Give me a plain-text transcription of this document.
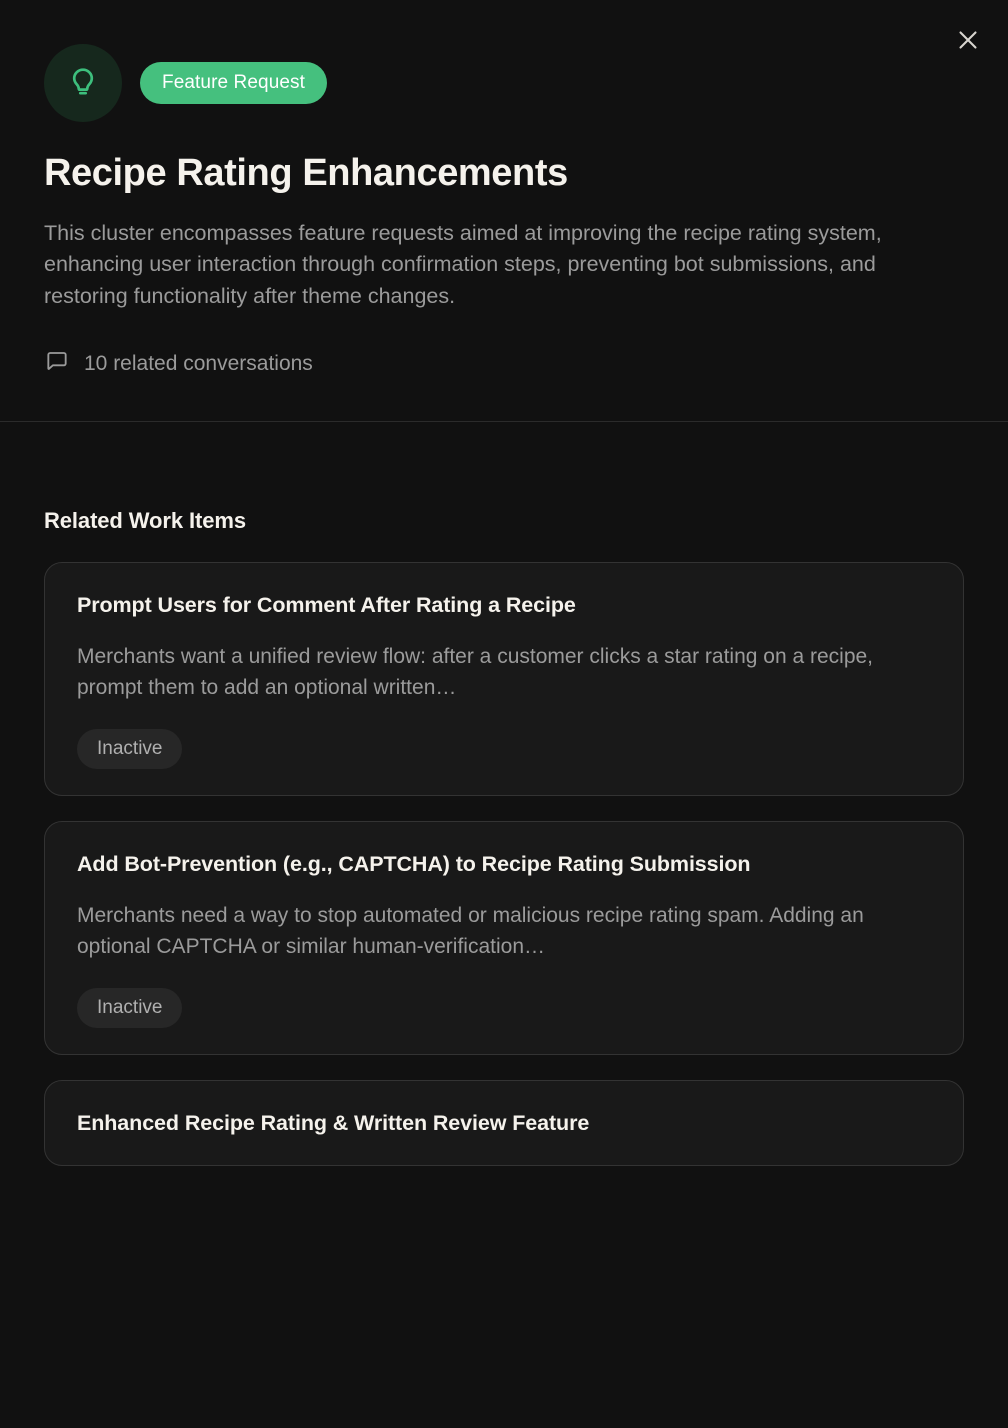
Feature Request
Recipe Rating Enhancements

This cluster encompasses feature requests aimed at improving the recipe rating system, enhancing user interaction through confirmation steps, preventing bot submissions, and restoring functionality after theme changes.

10 related conversations
Related Work Items
Prompt Users for Comment After Rating a Recipe
Merchants want a unified review flow: after a customer clicks a star rating on a recipe, prompt them to add an optional written…
Inactive
Add Bot-Prevention (e.g., CAPTCHA) to Recipe Rating Submission
Merchants need a way to stop automated or malicious recipe rating spam. Adding an optional CAPTCHA or similar human-verification…
Inactive
Enhanced Recipe Rating & Written Review Feature
